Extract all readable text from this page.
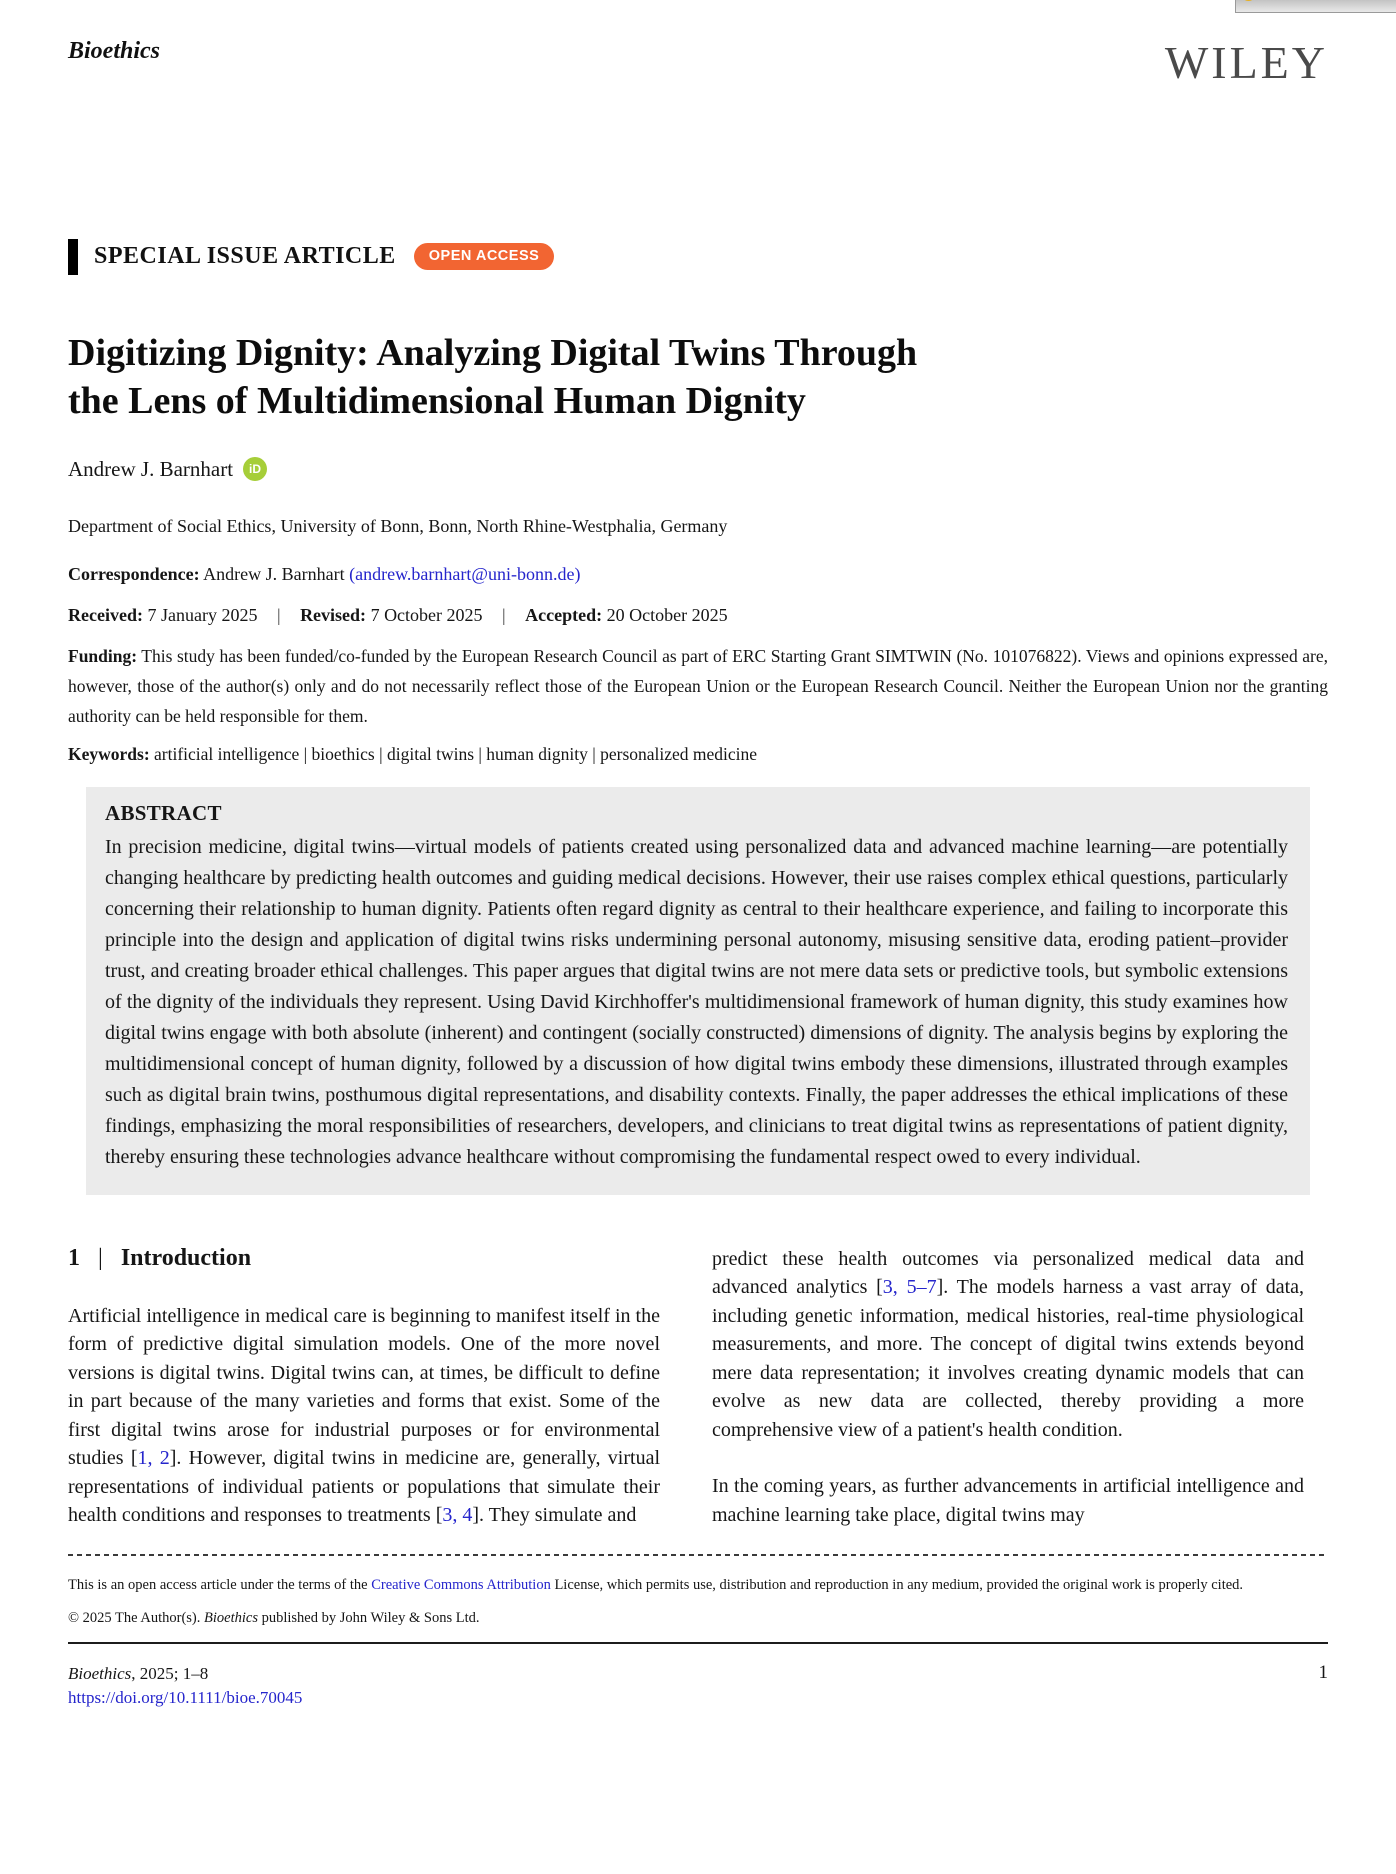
Bioethics	WILEY
SPECIAL ISSUE ARTICLE	OPEN ACCESS
Digitizing Dignity: Analyzing Digital Twins Through
the Lens of Multidimensional Human Dignity
Andrew J. Barnhart	iD
Department of Social Ethics, University of Bonn, Bonn, North Rhine-Westphalia, Germany
Correspondence: Andrew J. Barnhart (andrew.barnhart@uni-bonn.de)
Received: 7 January 2025 | Revised: 7 October 2025 | Accepted: 20 October 2025
Funding: This study has been funded/co-funded by the European Research Council as part of ERC Starting Grant SIMTWIN (No. 101076822). Views and opinions expressed are, however, those of the author(s) only and do not necessarily reflect those of the European Union or the European Research Council. Neither the European Union nor the granting authority can be held responsible for them.
Keywords: artificial intelligence | bioethics | digital twins | human dignity | personalized medicine
ABSTRACT
In precision medicine, digital twins—virtual models of patients created using personalized data and advanced machine learning—are potentially changing healthcare by predicting health outcomes and guiding medical decisions. However, their use raises complex ethical questions, particularly concerning their relationship to human dignity. Patients often regard dignity as central to their healthcare experience, and failing to incorporate this principle into the design and application of digital twins risks undermining personal autonomy, misusing sensitive data, eroding patient–provider trust, and creating broader ethical challenges. This paper argues that digital twins are not mere data sets or predictive tools, but symbolic extensions of the dignity of the individuals they represent. Using David Kirchhoffer's multidimensional framework of human dignity, this study examines how digital twins engage with both absolute (inherent) and contingent (socially constructed) dimensions of dignity. The analysis begins by exploring the multidimensional concept of human dignity, followed by a discussion of how digital twins embody these dimensions, illustrated through examples such as digital brain twins, posthumous digital representations, and disability contexts. Finally, the paper addresses the ethical implications of these findings, emphasizing the moral responsibilities of researchers, developers, and clinicians to treat digital twins as representations of patient dignity, thereby ensuring these technologies advance healthcare without compromising the fundamental respect owed to every individual.
1 | Introduction
Artificial intelligence in medical care is beginning to manifest itself in the form of predictive digital simulation models. One of the more novel versions is digital twins. Digital twins can, at times, be difficult to define in part because of the many varieties and forms that exist. Some of the first digital twins arose for industrial purposes or for environmental studies [1, 2]. However, digital twins in medicine are, generally, virtual representations of individual patients or populations that simulate their health conditions and responses to treatments [3, 4]. They simulate and
predict these health outcomes via personalized medical data and advanced analytics [3, 5–7]. The models harness a vast array of data, including genetic information, medical histories, real-time physiological measurements, and more. The concept of digital twins extends beyond mere data representation; it involves creating dynamic models that can evolve as new data are collected, thereby providing a more comprehensive view of a patient's health condition.
In the coming years, as further advancements in artificial intelligence and machine learning take place, digital twins may
This is an open access article under the terms of the Creative Commons Attribution License, which permits use, distribution and reproduction in any medium, provided the original work is properly cited.
© 2025 The Author(s). Bioethics published by John Wiley & Sons Ltd.
Bioethics, 2025; 1–8
https://doi.org/10.1111/bioe.70045
1
